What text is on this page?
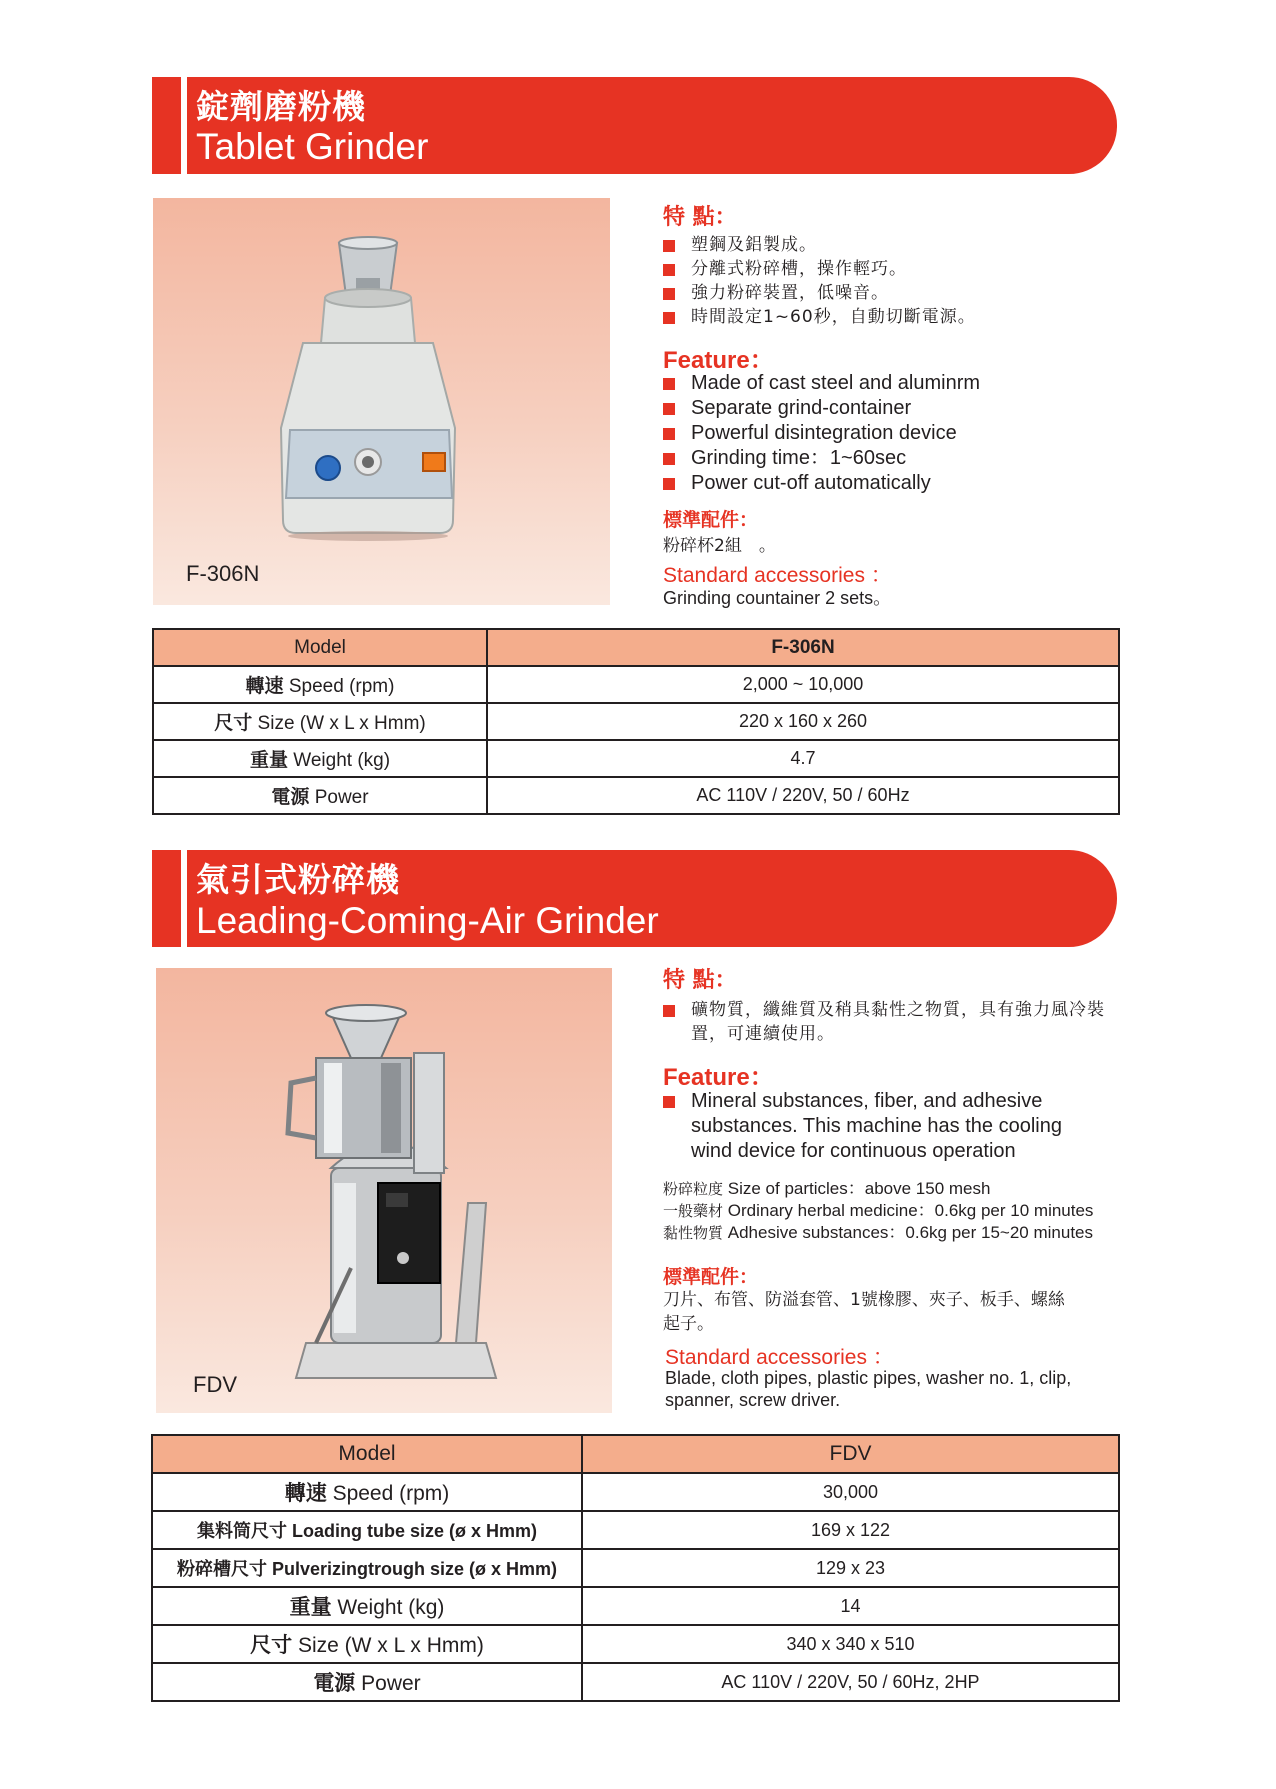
錠劑磨粉機
Tablet Grinder
F-306N
特 點：
塑鋼及鋁製成。
分離式粉碎槽，操作輕巧。
強力粉碎裝置，低噪音。
時間設定1~60秒，自動切斷電源。
Feature：
Made of cast steel and aluminrm
Separate grind-container
Powerful disintegration device
Grinding time：1~60sec
Power cut-off automatically
標準配件：
粉碎杯2組　。
Standard accessories ：
Grinding countainer 2 sets。
Model	F-306N
轉速 Speed (rpm)	2,000 ~ 10,000
尺寸 Size (W x L x Hmm)	220 x 160 x 260
重量 Weight (kg)	4.7
電源 Power	AC 110V / 220V, 50 / 60Hz
氣引式粉碎機
Leading-Coming-Air Grinder
FDV
特 點：
礦物質，纖維質及稍具黏性之物質，具有強力風冷裝置，可連續使用。
Feature：
Mineral substances, fiber, and adhesive substances. This machine has the cooling wind device for continuous operation
粉碎粒度 Size of particles：above 150 mesh
一般藥材 Ordinary herbal medicine：0.6kg per 10 minutes
黏性物質 Adhesive substances：0.6kg per 15~20 minutes
標準配件：
刀片、布管、防溢套管、1號橡膠、夾子、板手、螺絲起子。
Standard accessories ：
Blade, cloth pipes, plastic pipes, washer no. 1, clip, spanner, screw driver.
Model	FDV
轉速 Speed (rpm)	30,000
集料筒尺寸 Loading tube size (ø x Hmm)	169 x 122
粉碎槽尺寸 Pulverizingtrough size (ø x Hmm)	129 x 23
重量 Weight (kg)	14
尺寸 Size (W x L x Hmm)	340 x 340 x 510
電源 Power	AC 110V / 220V, 50 / 60Hz, 2HP
